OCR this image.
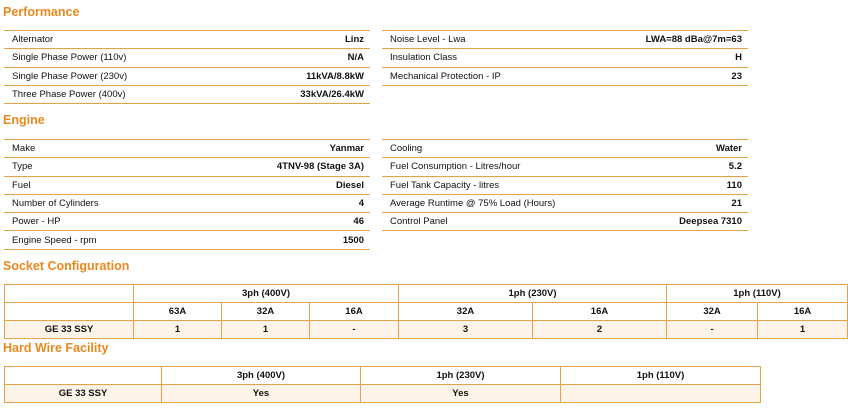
Performance
Alternator	Linz
Single Phase Power (110v)	N/A
Single Phase Power (230v)	11kVA/8.8kW
Three Phase Power (400v)	33kVA/26.4kW
Noise Level - Lwa	LWA=88 dBa@7m=63
Insulation Class	H
Mechanical Protection - IP	23
Engine
Make	Yanmar
Type	4TNV-98 (Stage 3A)
Fuel	Diesel
Number of Cylinders	4
Power - HP	46
Engine Speed - rpm	1500
Cooling	Water
Fuel Consumption - Litres/hour	5.2
Fuel Tank Capacity - litres	110
Average Runtime @ 75% Load (Hours)	21
Control Panel	Deepsea 7310
Socket Configuration
	3ph (400V)			1ph (230V)		1ph (110V)	
	63A	32A	16A	32A	16A	32A	16A
GE 33 SSY	1	1	-	3	2	-	1
Hard Wire Facility
	3ph (400V)	1ph (230V)	1ph (110V)
GE 33 SSY	Yes	Yes	
